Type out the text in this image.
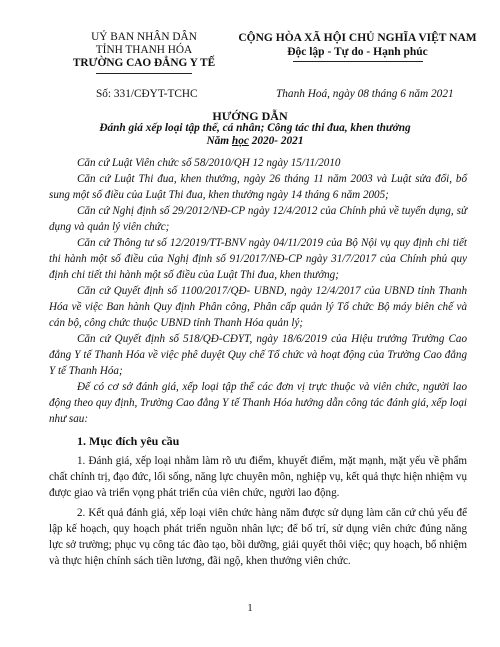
UỶ BAN NHÂN DÂN
TỈNH THANH HÓA
TRƯỜNG CAO ĐẲNG Y TẾ
CỘNG HÒA XÃ HỘI CHỦ NGHĨA VIỆT NAM
Độc lập - Tự do - Hạnh phúc
Số: 331/CĐYT-TCHC	Thanh Hoá, ngày 08 tháng 6 năm 2021
HƯỚNG DẪN
Đánh giá xếp loại tập thể, cá nhân; Công tác thi đua, khen thưởng
Năm học 2020- 2021

Căn cứ Luật Viên chức số 58/2010/QH 12 ngày 15/11/2010

Căn cứ Luật Thi đua, khen thưởng, ngày 26 tháng 11 năm 2003 và Luật sửa đổi, bổ sung một số điều của Luật Thi đua, khen thưởng ngày 14 tháng 6 năm 2005;

Căn cứ Nghị định số 29/2012/NĐ-CP ngày 12/4/2012 của Chính phủ về tuyển dụng, sử dụng và quản lý viên chức;

Căn cứ Thông tư số 12/2019/TT-BNV ngày 04/11/2019 của Bộ Nội vụ quy định chi tiết thi hành một số điều của Nghị định số 91/2017/NĐ-CP ngày 31/7/2017 của Chính phủ quy định chi tiết thi hành một số điều của Luật Thi đua, khen thưởng;

Căn cứ Quyết định số 1100/2017/QĐ- UBND, ngày 12/4/2017 của UBND tỉnh Thanh Hóa về việc Ban hành Quy định Phân công, Phân cấp quản lý Tổ chức Bộ máy biên chế và cán bộ, công chức thuộc UBND tỉnh Thanh Hóa quản lý;

Căn cứ Quyết định số 518/QĐ-CĐYT, ngày 18/6/2019 của Hiệu trưởng Trường Cao đẳng Y tế Thanh Hóa về việc phê duyệt Quy chế Tổ chức và hoạt động của Trường Cao đẳng Y tế Thanh Hóa;

Để có cơ sở đánh giá, xếp loại tập thể các đơn vị trực thuộc và viên chức, người lao động theo quy định, Trường Cao đẳng Y tế Thanh Hóa hướng dẫn công tác đánh giá, xếp loại như sau:

1. Mục đích yêu cầu

1. Đánh giá, xếp loại nhằm làm rõ ưu điểm, khuyết điểm, mặt mạnh, mặt yếu về phẩm chất chính trị, đạo đức, lối sống, năng lực chuyên môn, nghiệp vụ, kết quả thực hiện nhiệm vụ được giao và triển vọng phát triển của viên chức, người lao động.

2. Kết quả đánh giá, xếp loại viên chức hàng năm được sử dụng làm căn cứ chủ yếu để lập kế hoạch, quy hoạch phát triển nguồn nhân lực; để bố trí, sử dụng viên chức đúng năng lực sở trường; phục vụ công tác đào tạo, bồi dưỡng, giải quyết thôi việc; quy hoạch, bổ nhiệm và thực hiện chính sách tiền lương, đãi ngộ, khen thưởng viên chức.

1
